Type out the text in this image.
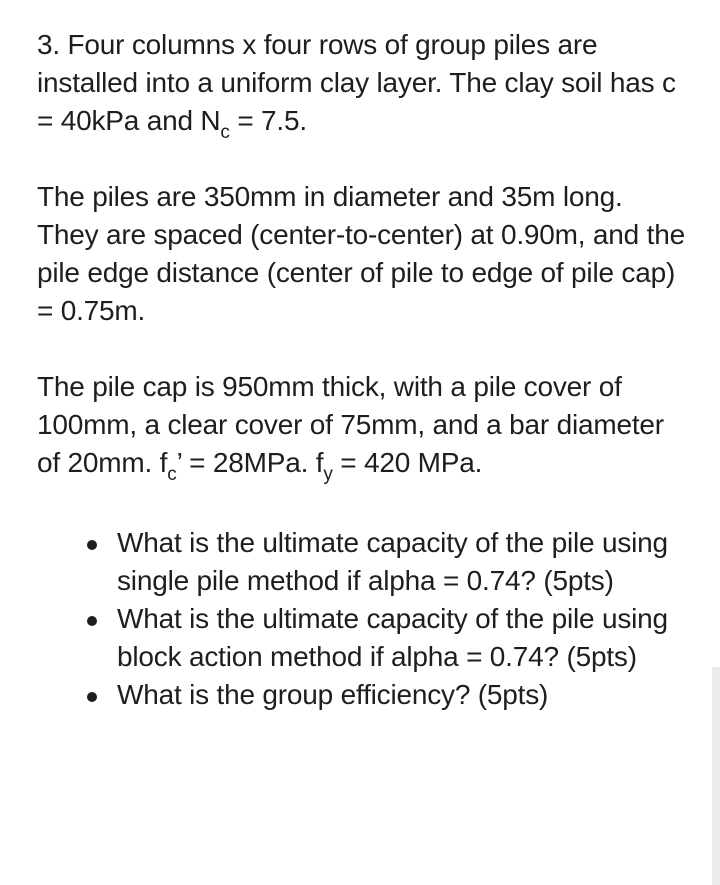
3. Four columns x four rows of group piles are installed into a uniform clay layer. The clay soil has c = 40kPa and $N_c = 7.5$.

The piles are 350mm in diameter and 35m long. They are spaced (center-to-center) at 0.90m, and the pile edge distance (center of pile to edge of pile cap) = 0.75m.

The pile cap is 950mm thick, with a pile cover of 100mm, a clear cover of 75mm, and a bar diameter of 20mm. $f_c$’ = 28MPa. $f_y = 420$ MPa.

What is the ultimate capacity of the pile using single pile method if alpha = 0.74? (5pts)
What is the ultimate capacity of the pile using block action method if alpha = 0.74? (5pts)
What is the group efficiency? (5pts)
